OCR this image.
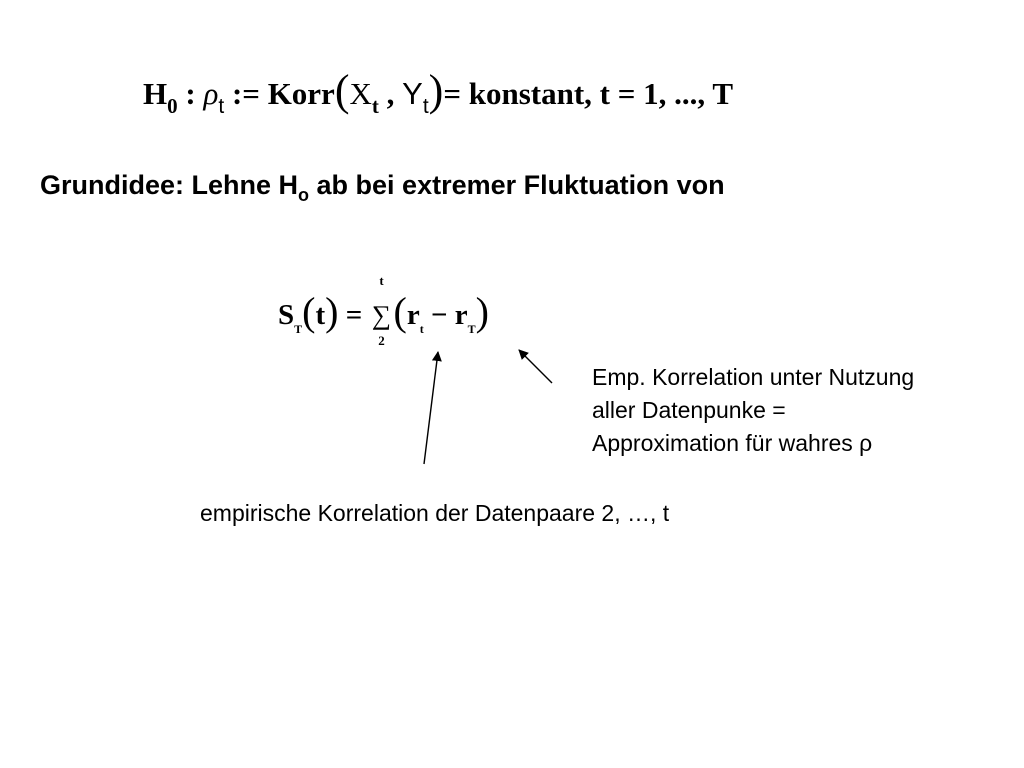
$H_0$ : $\rho_t$ := $Korr(X_t$ , $Y_t)=$ konstant, t = 1, ..., T
Grundidee: Lehne $H_o$ ab bei extremer Fluktuation von
$S_T(t)$ =
t
∑
2
$(r_t - r_T)$
Emp. Korrelation unter Nutzung
aller Datenpunke =
Approximation für wahres ρ
empirische Korrelation der Datenpaare 2, …, t
